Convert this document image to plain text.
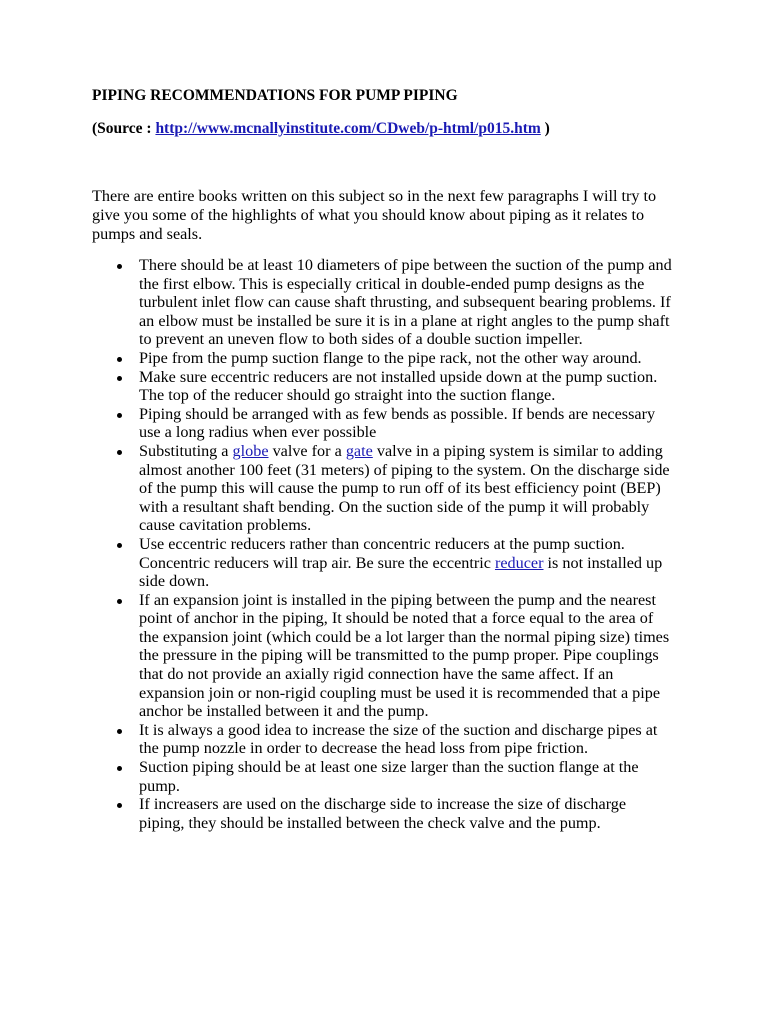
PIPING RECOMMENDATIONS FOR PUMP PIPING

(Source : http://www.mcnallyinstitute.com/CDweb/p-html/p015.htm )

There are entire books written on this subject so in the next few paragraphs I will try to give you some of the highlights of what you should know about piping as it relates to pumps and seals.

There should be at least 10 diameters of pipe between the suction of the pump and the first elbow. This is especially critical in double-ended pump designs as the turbulent inlet flow can cause shaft thrusting, and subsequent bearing problems. If an elbow must be installed be sure it is in a plane at right angles to the pump shaft to prevent an uneven flow to both sides of a double suction impeller.
Pipe from the pump suction flange to the pipe rack, not the other way around.
Make sure eccentric reducers are not installed upside down at the pump suction. The top of the reducer should go straight into the suction flange.
Piping should be arranged with as few bends as possible. If bends are necessary use a long radius when ever possible
Substituting a globe valve for a gate valve in a piping system is similar to adding almost another 100 feet (31 meters) of piping to the system. On the discharge side of the pump this will cause the pump to run off of its best efficiency point (BEP) with a resultant shaft bending. On the suction side of the pump it will probably cause cavitation problems.
Use eccentric reducers rather than concentric reducers at the pump suction. Concentric reducers will trap air. Be sure the eccentric reducer is not installed up side down.
If an expansion joint is installed in the piping between the pump and the nearest point of anchor in the piping, It should be noted that a force equal to the area of the expansion joint (which could be a lot larger than the normal piping size) times the pressure in the piping will be transmitted to the pump proper. Pipe couplings that do not provide an axially rigid connection have the same affect. If an expansion join or non-rigid coupling must be used it is recommended that a pipe anchor be installed between it and the pump.
It is always a good idea to increase the size of the suction and discharge pipes at the pump nozzle in order to decrease the head loss from pipe friction.
Suction piping should be at least one size larger than the suction flange at the pump.
If increasers are used on the discharge side to increase the size of discharge piping, they should be installed between the check valve and the pump.
